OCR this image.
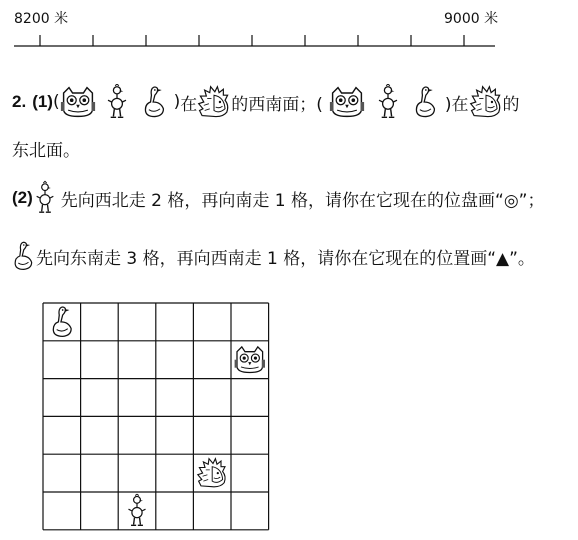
8200 米	9000 米
2. (1) (	) 在 的西南面；(	)在 的
东北面。
(2) 先向西北走 2 格，再向南走 1 格，请你在它现在的位盘画“◎”；
先向东南走 3 格，再向西南走 1 格，请你在它现在的位置画“▲”。
